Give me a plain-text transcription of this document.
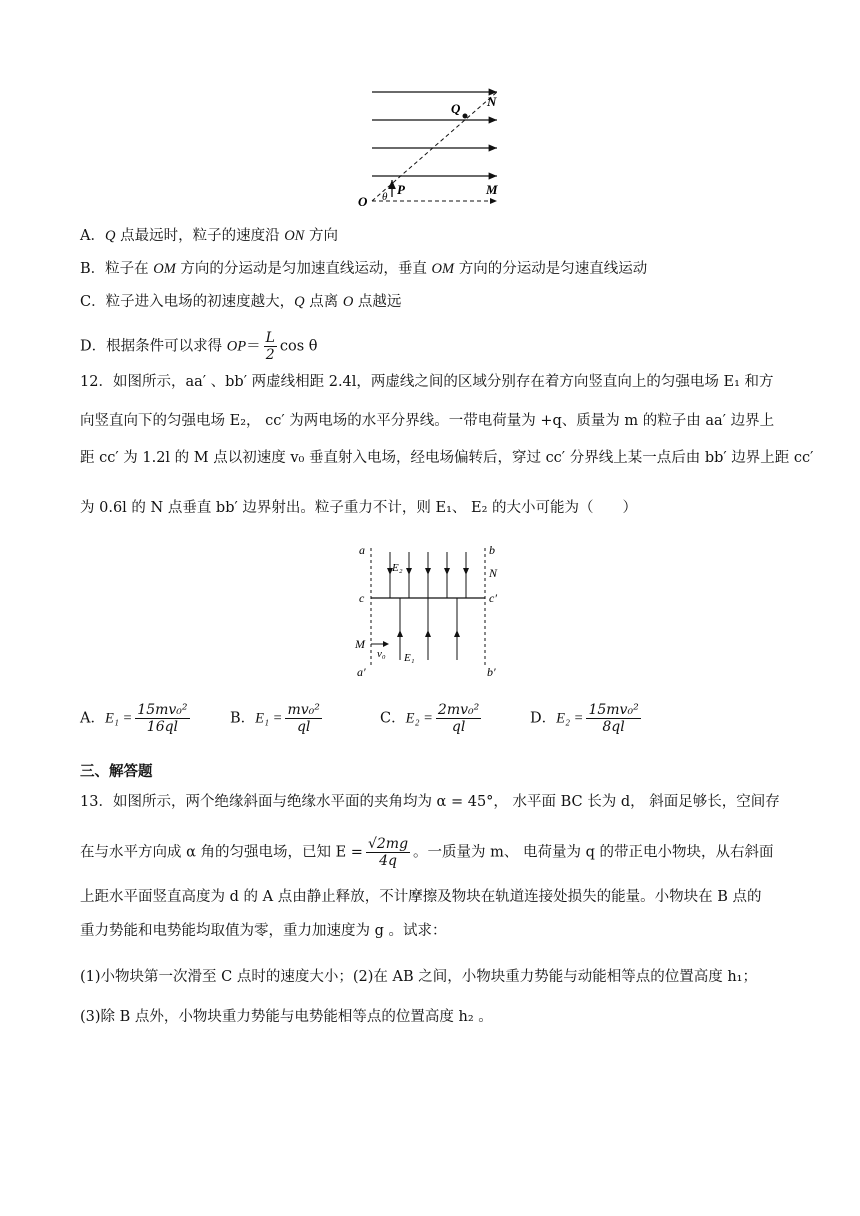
Q N
O θ P	M
A．Q 点最远时，粒子的速度沿 ON 方向
B．粒子在 OM 方向的分运动是匀加速直线运动，垂直 OM 方向的分运动是匀速直线运动
C．粒子进入电场的初速度越大，Q 点离 O 点越远
D．根据条件可以求得 $OP= \frac{L}{2}$ cos θ
12．如图所示，aa′ 、bb′ 两虚线相距 2.4l，两虚线之间的区域分别存在着方向竖直向上的匀强电场 E₁ 和方
向竖直向下的匀强电场 E₂， cc′ 为两电场的水平分界线。一带电荷量为 +q、质量为 m 的粒子由 aa′ 边界上
距 cc′ 为 1.2l 的 M 点以初速度 v₀ 垂直射入电场，经电场偏转后，穿过 cc′ 分界线上某一点后由 bb′ 边界上距 cc′
为 0.6l 的 N 点垂直 bb′ 边界射出。粒子重力不计，则 E₁、 E₂ 的大小可能为（　　）
a	b
E₂	N
c	c′
M
v₀ E₁
a′	b′
A．$E_1 = \frac{\text{15mv₀²}}{16ql}$	B．$E_1 = \frac{\text{mv₀²}}{ql}$	C．$E_2 = \frac{\text{2mv₀²}}{ql}$	D．$E_2 = \frac{\text{15mv₀²}}{8ql}$
三、解答题
13．如图所示，两个绝缘斜面与绝缘水平面的夹角均为 α = 45°， 水平面 BC 长为 d， 斜面足够长，空间存
在与水平方向成 α 角的匀强电场，已知 $E = \frac{√2mg}{4q}$ 。一质量为 m、 电荷量为 q 的带正电小物块，从右斜面
上距水平面竖直高度为 d 的 A 点由静止释放，不计摩擦及物块在轨道连接处损失的能量。小物块在 B 点的
重力势能和电势能均取值为零，重力加速度为 g 。试求：
(1)小物块第一次滑至 C 点时的速度大小；(2)在 AB 之间，小物块重力势能与动能相等点的位置高度 h₁；
(3)除 B 点外，小物块重力势能与电势能相等点的位置高度 h₂ 。
